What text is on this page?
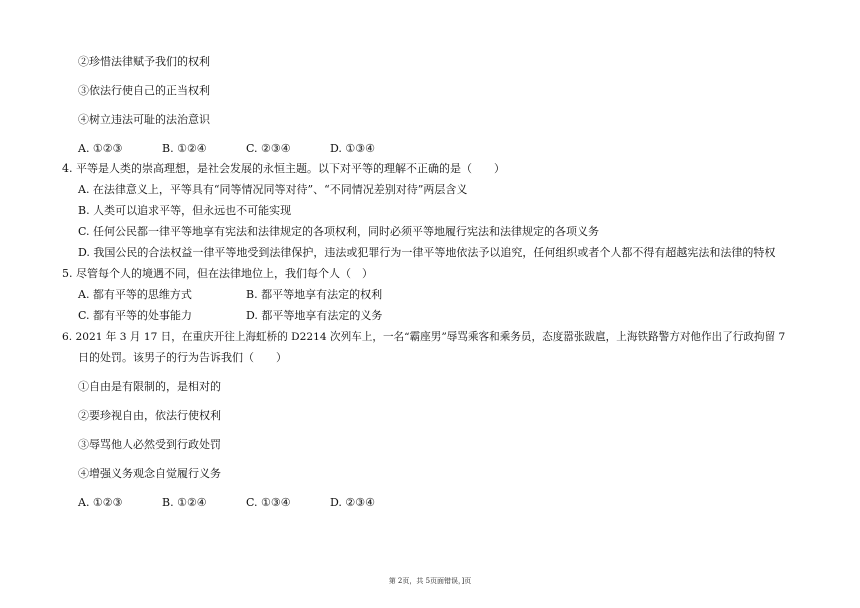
②珍惜法律赋予我们的权利
③依法行使自己的正当权利
④树立违法可耻的法治意识
A. ①②③	B. ①②④	C. ②③④	D. ①③④
4. 平等是人类的崇高理想，是社会发展的永恒主题。以下对平等的理解不正确的是（　　）
A. 在法律意义上，平等具有“同等情况同等对待”、“不同情况差别对待”两层含义
B. 人类可以追求平等，但永远也不可能实现
C. 任何公民都一律平等地享有宪法和法律规定的各项权利，同时必须平等地履行宪法和法律规定的各项义务
D. 我国公民的合法权益一律平等地受到法律保护，违法或犯罪行为一律平等地依法予以追究，任何组织或者个人都不得有超越宪法和法律的特权
5. 尽管每个人的境遇不同，但在法律地位上，我们每个人（　）
A. 都有平等的思维方式	B. 都平等地享有法定的权利
C. 都有平等的处事能力	D. 都平等地享有法定的义务
6. 2021 年 3 月 17 日，在重庆开往上海虹桥的 D2214 次列车上，一名“霸座男”辱骂乘客和乘务员，态度嚣张跋扈，上海铁路警方对他作出了行政拘留 7
日的处罚。该男子的行为告诉我们（　　）
①自由是有限制的，是相对的
②要珍视自由，依法行使权利
③辱骂他人必然受到行政处罚
④增强义务观念自觉履行义务
A. ①②③	B. ①②④	C. ①③④	D. ②③④
第 2页，共 5页面错误，]页
